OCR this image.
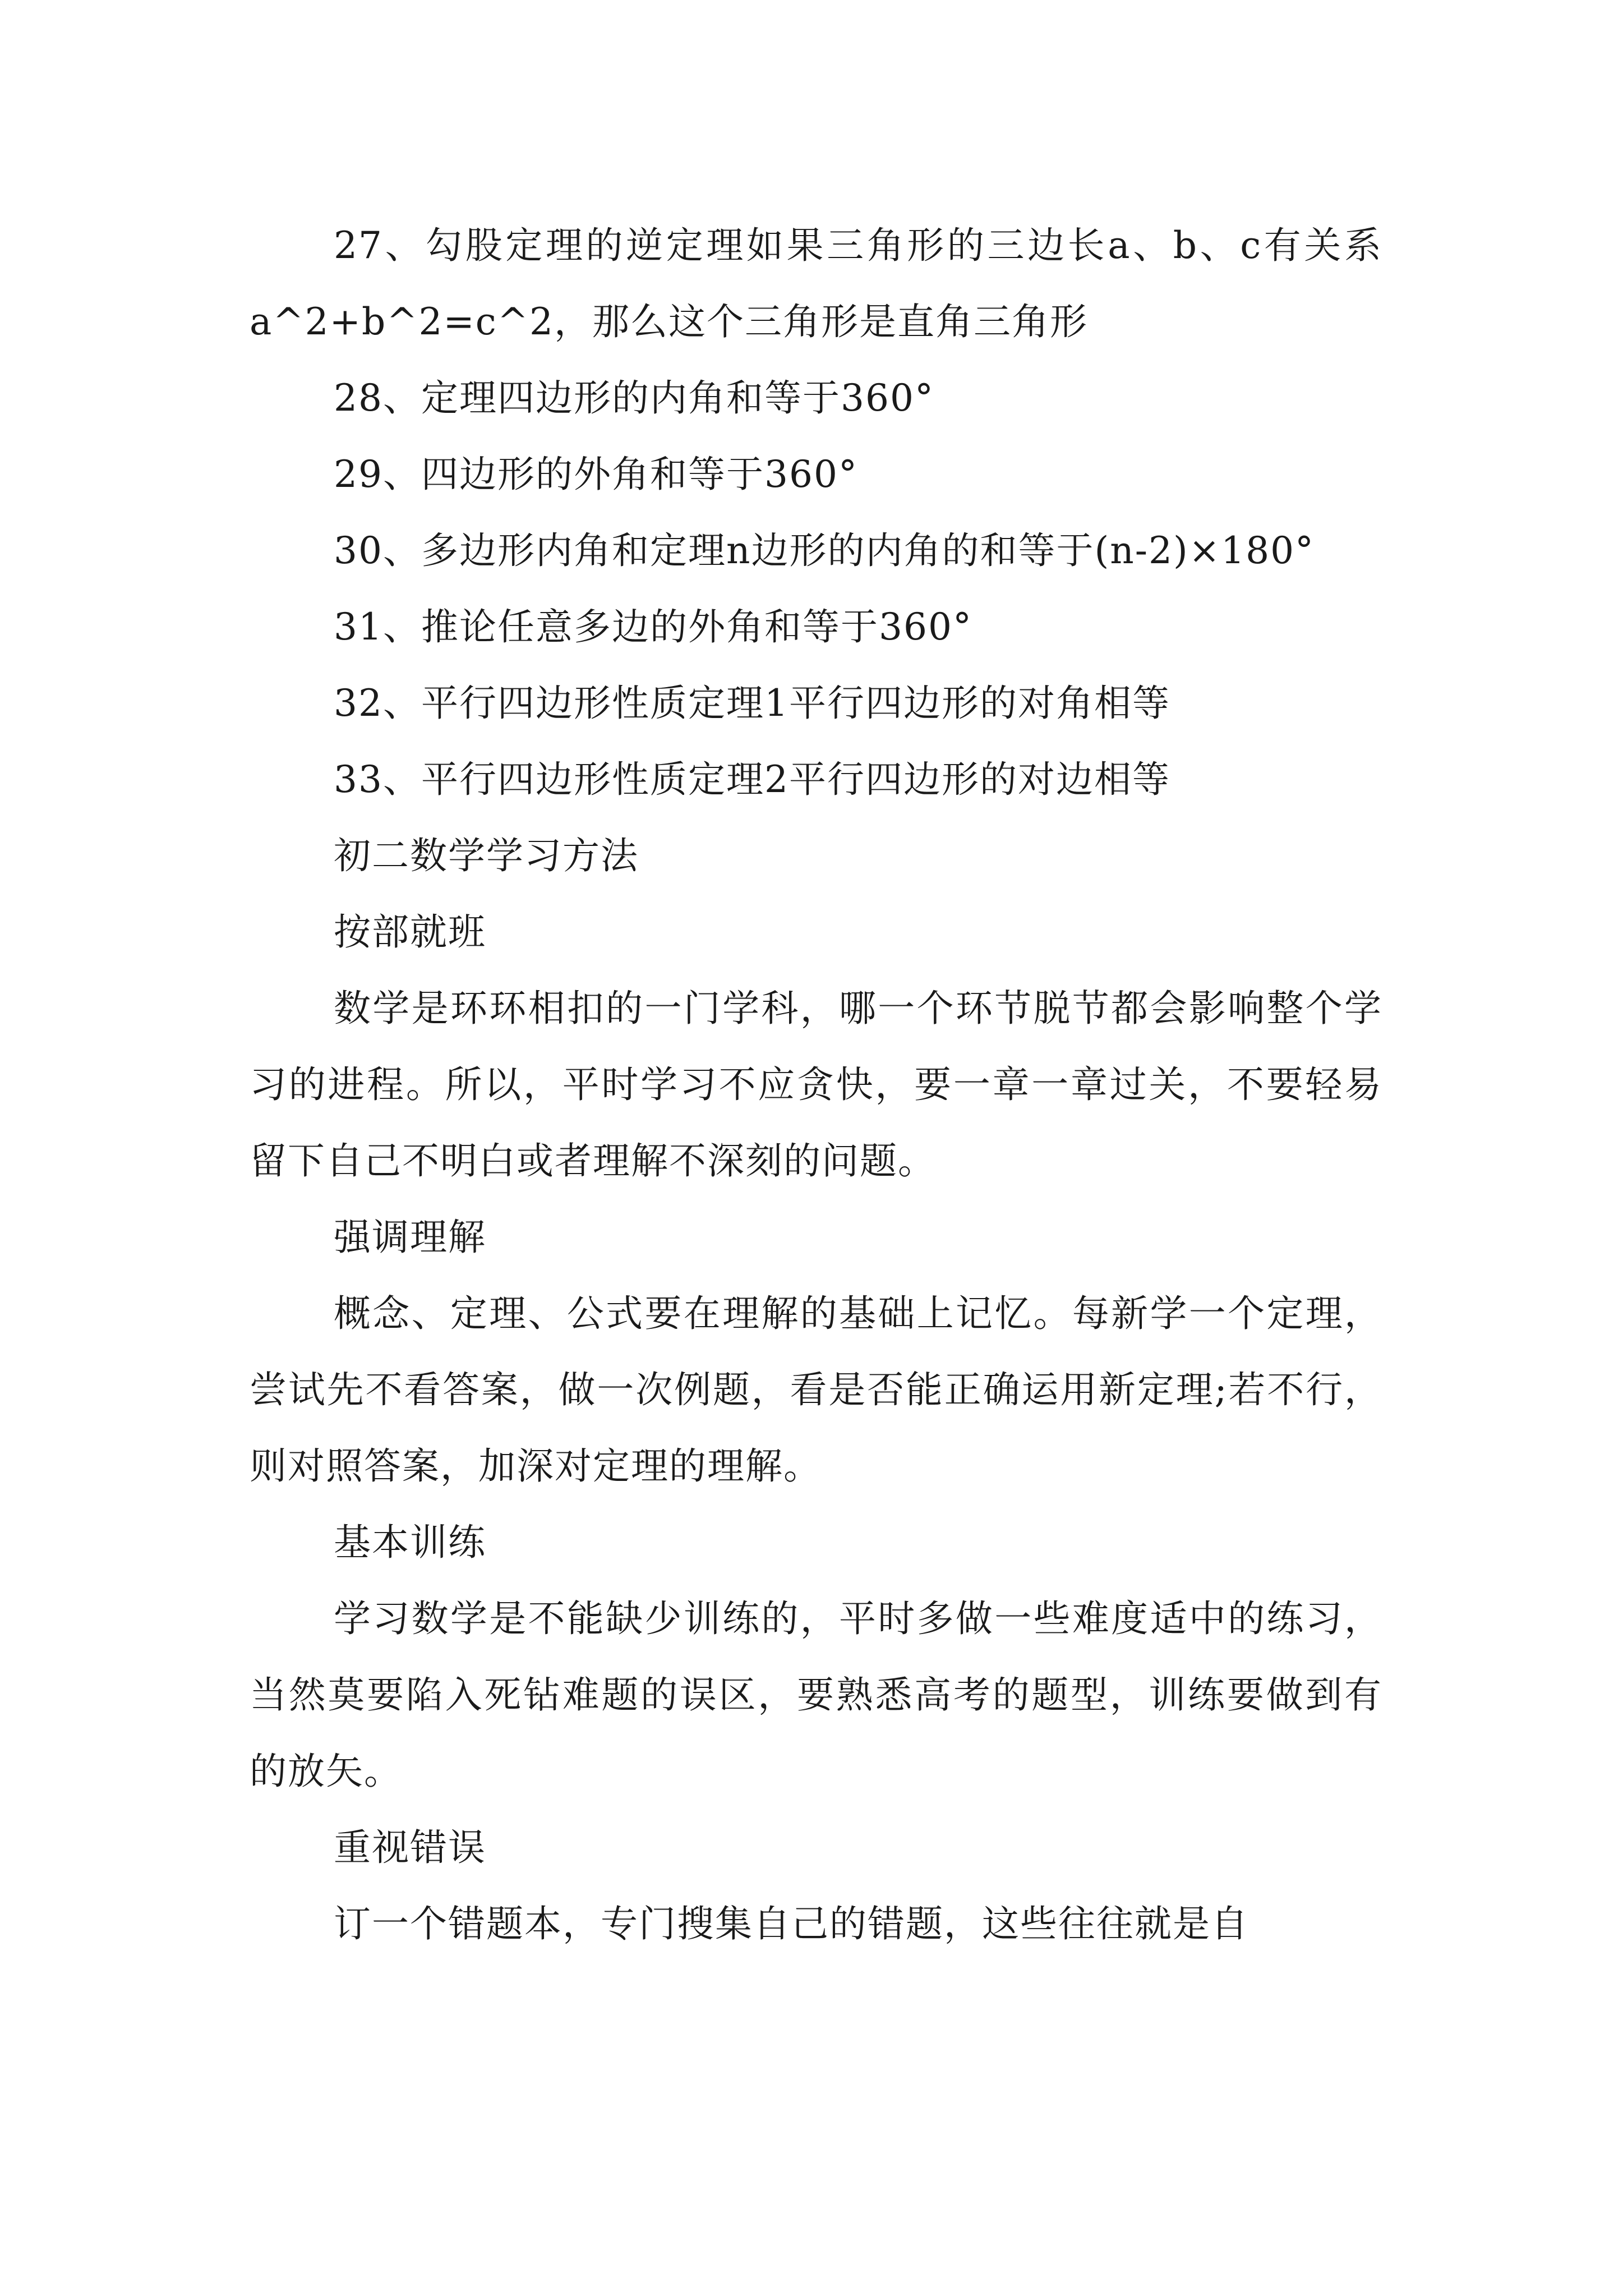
27、勾股定理的逆定理如果三角形的三边长a、b、c有关系a^2+b^2=c^2，那么这个三角形是直角三角形

28、定理四边形的内角和等于360°

29、四边形的外角和等于360°

30、多边形内角和定理n边形的内角的和等于(n-2)×180°

31、推论任意多边的外角和等于360°

32、平行四边形性质定理1平行四边形的对角相等

33、平行四边形性质定理2平行四边形的对边相等

初二数学学习方法

按部就班

数学是环环相扣的一门学科，哪一个环节脱节都会影响整个学习的进程。所以，平时学习不应贪快，要一章一章过关，不要轻易留下自己不明白或者理解不深刻的问题。

强调理解

概念、定理、公式要在理解的基础上记忆。每新学一个定理，尝试先不看答案，做一次例题，看是否能正确运用新定理;若不行，则对照答案，加深对定理的理解。

基本训练

学习数学是不能缺少训练的，平时多做一些难度适中的练习，当然莫要陷入死钻难题的误区，要熟悉高考的题型，训练要做到有的放矢。

重视错误

订一个错题本，专门搜集自己的错题，这些往往就是自
